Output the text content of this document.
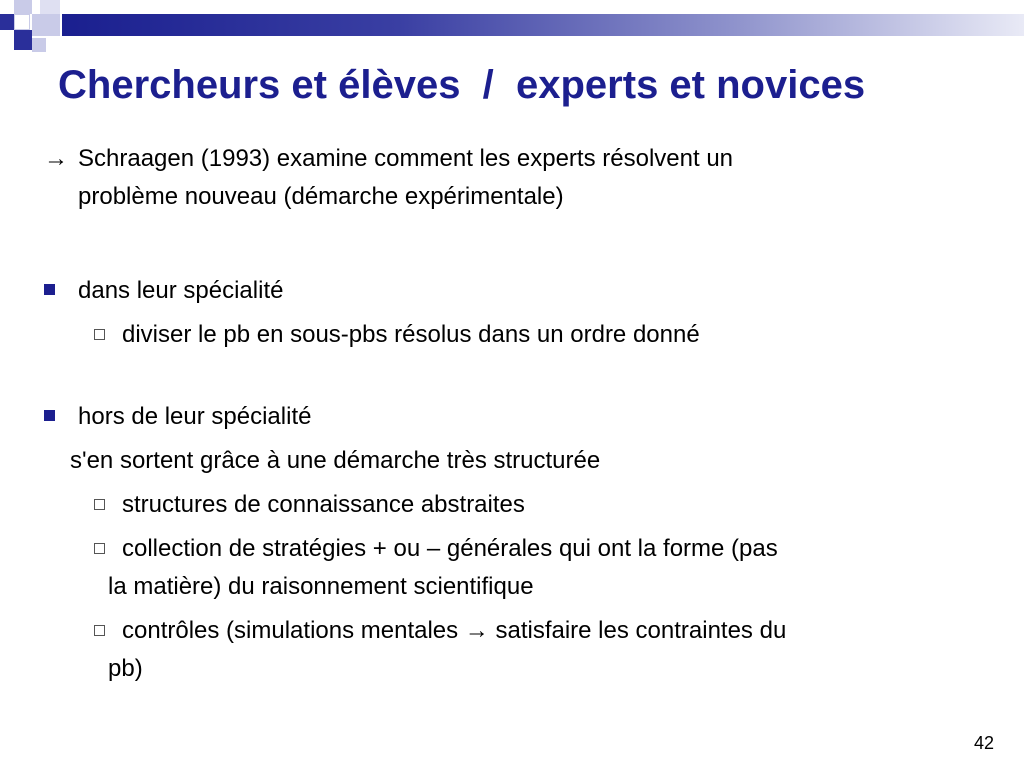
Chercheurs et élèves  /  experts et novices
→ Schraagen (1993) examine comment les experts résolvent un
problème nouveau (démarche expérimentale)
dans leur spécialité
diviser le pb en sous-pbs résolus dans un ordre donné
hors de leur spécialité
s'en sortent grâce à une démarche très structurée
structures de connaissance abstraites
collection de stratégies + ou – générales qui ont la forme (pas
la matière) du raisonnement scientifique
contrôles (simulations mentales → satisfaire les contraintes du
pb)
42
